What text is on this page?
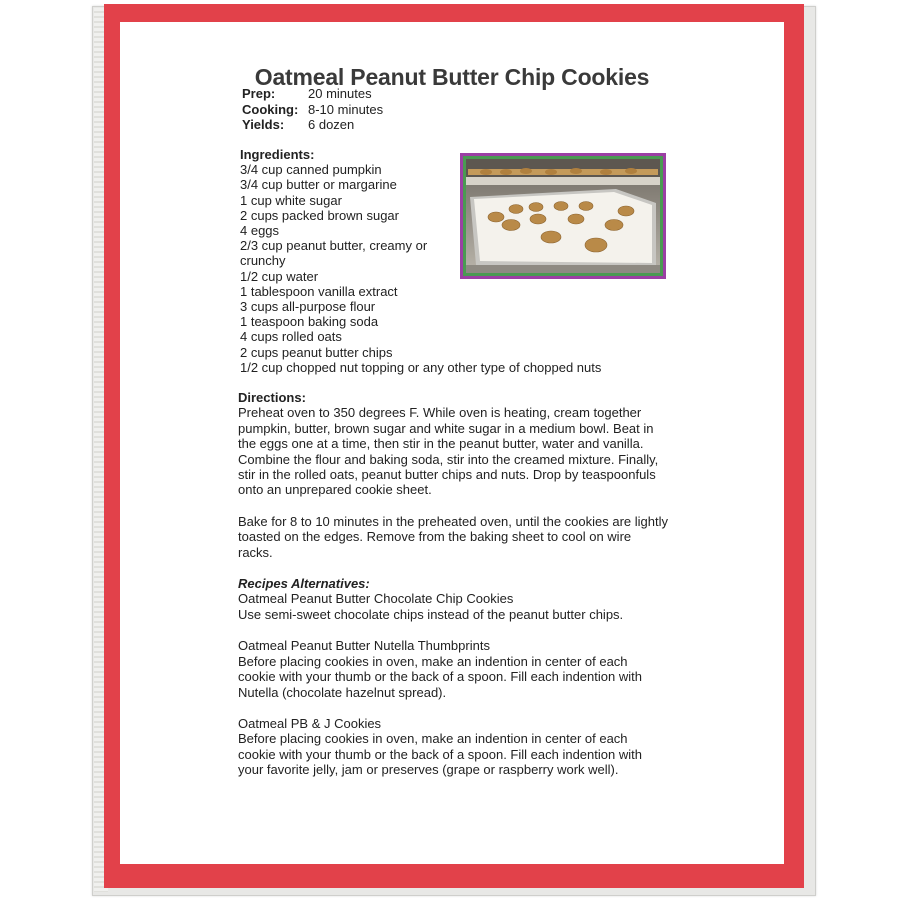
Oatmeal Peanut Butter Chip Cookies
Prep:	20 minutes
Cooking: 8-10 minutes
Yields:	6 dozen
Ingredients:
3/4 cup canned pumpkin
3/4 cup butter or margarine
1 cup white sugar
2 cups packed brown sugar
4 eggs
2/3 cup peanut butter, creamy or crunchy
1/2 cup water
1 tablespoon vanilla extract
3 cups all-purpose flour
1 teaspoon baking soda
4 cups rolled oats
2 cups peanut butter chips
1/2 cup chopped nut topping or any other type of chopped nuts
Directions:

Preheat oven to 350 degrees F. While oven is heating, cream together pumpkin, butter, brown sugar and white sugar in a medium bowl. Beat in the eggs one at a time, then stir in the peanut butter, water and vanilla. Combine the flour and baking soda, stir into the creamed mixture. Finally, stir in the rolled oats, peanut butter chips and nuts. Drop by teaspoonfuls onto an unprepared cookie sheet.

Bake for 8 to 10 minutes in the preheated oven, until the cookies are lightly toasted on the edges. Remove from the baking sheet to cool on wire racks.

Recipes Alternatives:
Oatmeal Peanut Butter Chocolate Chip Cookies
Use semi-sweet chocolate chips instead of the peanut butter chips.
Oatmeal Peanut Butter Nutella Thumbprints
Before placing cookies in oven, make an indention in center of each cookie with your thumb or the back of a spoon. Fill each indention with Nutella (chocolate hazelnut spread).
Oatmeal PB & J Cookies
Before placing cookies in oven, make an indention in center of each cookie with your thumb or the back of a spoon. Fill each indention with your favorite jelly, jam or preserves (grape or raspberry work well).
